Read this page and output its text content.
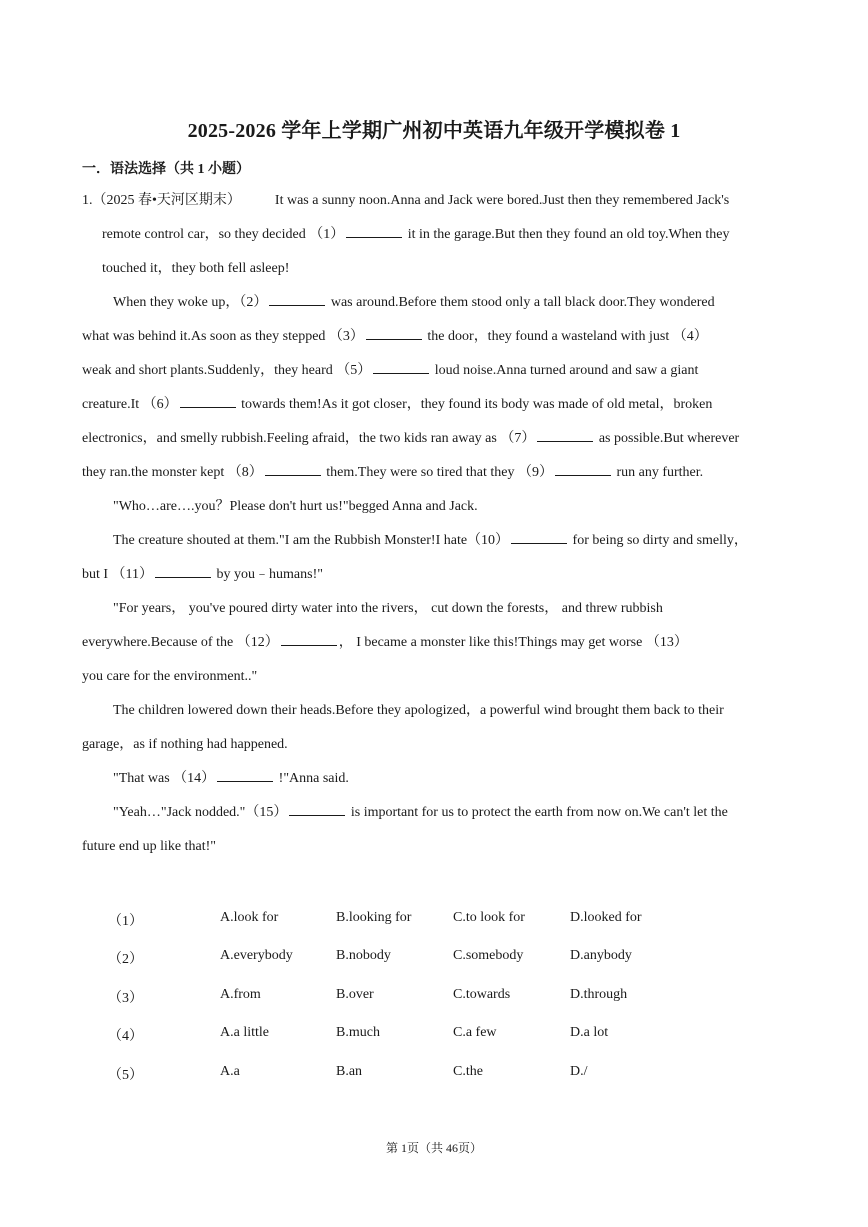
2025-2026 学年上学期广州初中英语九年级开学模拟卷 1
一．语法选择（共 1 小题）
1.（2025 春•天河区期末） It was a sunny noon.Anna and Jack were bored.Just then they remembered Jack's
remote control car，so they decided （1）	it in the garage.But then they found an old toy.When they
touched it，they both fell asleep!
When they woke up，（2）	was around.Before them stood only a tall black door.They wondered
what was behind it.As soon as they stepped （3）	the door，they found a wasteland with just （4）
weak and short plants.Suddenly，they heard （5）	loud noise.Anna turned around and saw a giant
creature.It （6）	towards them!As it got closer，they found its body was made of old metal，broken
electronics，and smelly rubbish.Feeling afraid，the two kids ran away as （7）	as possible.But wherever
they ran.the monster kept （8）	them.They were so tired that they （9）	run any further.
"Who…are….you？Please don't hurt us!"begged Anna and Jack.
The creature shouted at them."I am the Rubbish Monster!I hate（10）	for being so dirty and smelly，
but I （11）	by you﹣humans!"
"For years， you've poured dirty water into the rivers， cut down the forests， and threw rubbish
everywhere.Because of the （12）	， I became a monster like this!Things may get worse （13）
you care for the environment.."
The children lowered down their heads.Before they apologized，a powerful wind brought them back to their
garage，as if nothing had happened.
"That was （14）	!"Anna said.
"Yeah…"Jack nodded."（15）	is important for us to protect the earth from now on.We can't let the
future end up like that!"
（1）	A.look for	B.looking for	C.to look for	D.looked for
（2）	A.everybody	B.nobody	C.somebody	D.anybody
（3）	A.from	B.over	C.towards	D.through
（4）	A.a little	B.much	C.a few	D.a lot
（5）	A.a	B.an	C.the	D./
第 1页（共 46页）
